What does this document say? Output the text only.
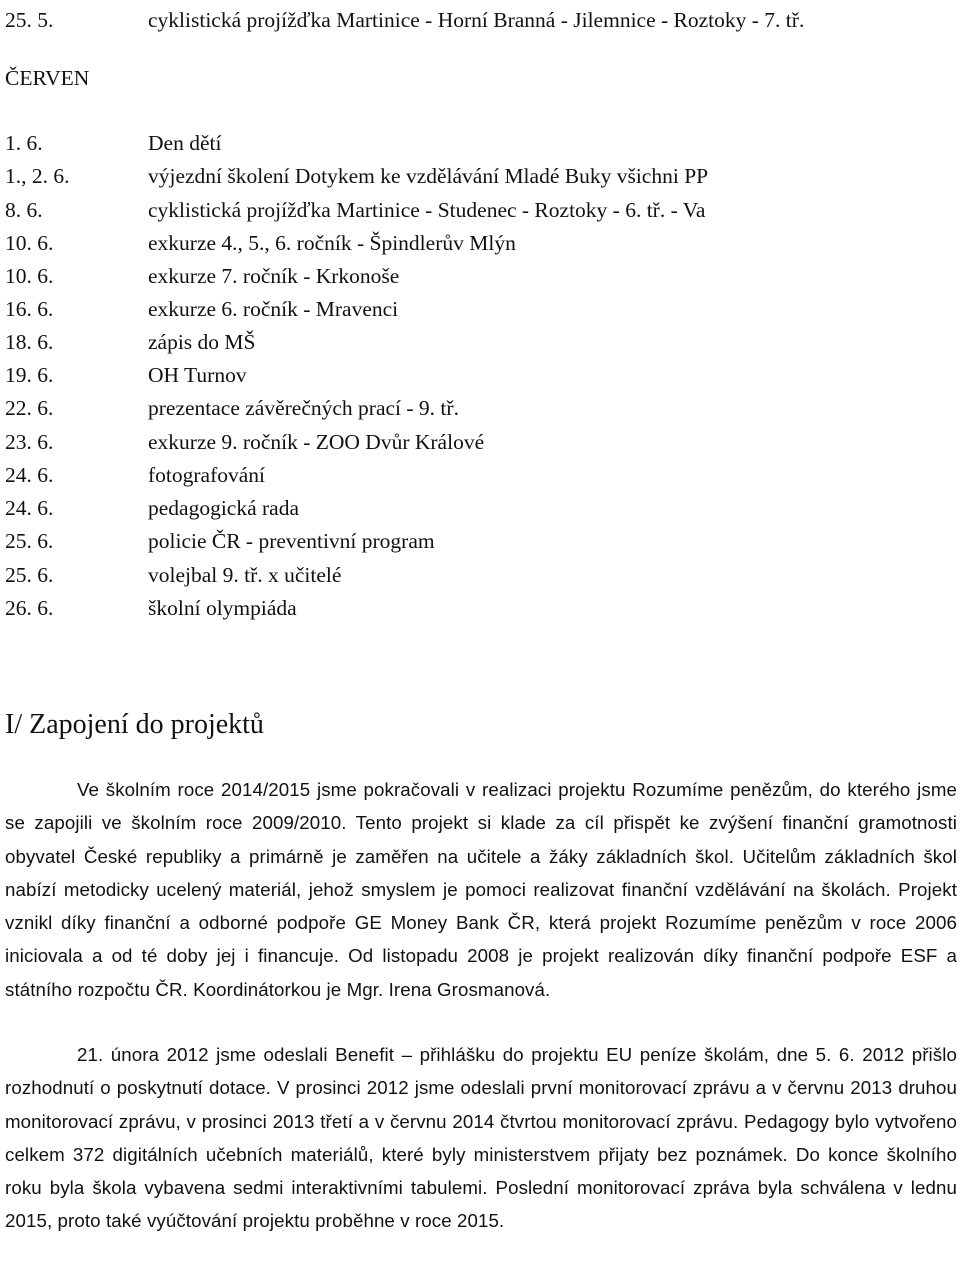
25. 5.	cyklistická projížďka Martinice - Horní Branná - Jilemnice - Roztoky - 7. tř.
ČERVEN
1. 6.	Den dětí
1., 2. 6.	výjezdní školení Dotykem ke vzdělávání Mladé Buky všichni PP
8. 6.	cyklistická projížďka Martinice - Studenec - Roztoky - 6. tř. - Va
10. 6.	exkurze 4., 5., 6. ročník - Špindlerův Mlýn
10. 6.	exkurze 7. ročník - Krkonoše
16. 6.	exkurze 6. ročník - Mravenci
18. 6.	zápis do MŠ
19. 6.	OH Turnov
22. 6.	prezentace závěrečných prací - 9. tř.
23. 6.	exkurze 9. ročník - ZOO Dvůr Králové
24. 6.	fotografování
24. 6.	pedagogická rada
25. 6.	policie ČR - preventivní program
25. 6.	volejbal 9. tř. x učitelé
26. 6.	školní olympiáda
I/ Zapojení do projektů

Ve školním roce 2014/2015 jsme pokračovali v realizaci projektu Rozumíme penězům, do kterého jsme se zapojili ve školním roce 2009/2010. Tento projekt si klade za cíl přispět ke zvýšení finanční gramotnosti obyvatel České republiky a primárně je zaměřen na učitele a žáky základních škol. Učitelům základních škol nabízí metodicky ucelený materiál, jehož smyslem je pomoci realizovat finanční vzdělávání na školách. Projekt vznikl díky finanční a odborné podpoře GE Money Bank ČR, která projekt Rozumíme penězům v roce 2006 iniciovala a od té doby jej i financuje. Od listopadu 2008 je projekt realizován díky finanční podpoře ESF a státního rozpočtu ČR. Koordinátorkou je Mgr. Irena Grosmanová.

21. února 2012 jsme odeslali Benefit – přihlášku do projektu EU peníze školám, dne 5. 6. 2012 přišlo rozhodnutí o poskytnutí dotace. V prosinci 2012 jsme odeslali první monitorovací zprávu a v červnu 2013 druhou monitorovací zprávu, v prosinci 2013 třetí a v červnu 2014 čtvrtou monitorovací zprávu. Pedagogy bylo vytvořeno celkem 372 digitálních učebních materiálů, které byly ministerstvem přijaty bez poznámek. Do konce školního roku byla škola vybavena sedmi interaktivními tabulemi. Poslední monitorovací zpráva byla schválena v lednu 2015, proto také vyúčtování projektu proběhne v roce 2015.
